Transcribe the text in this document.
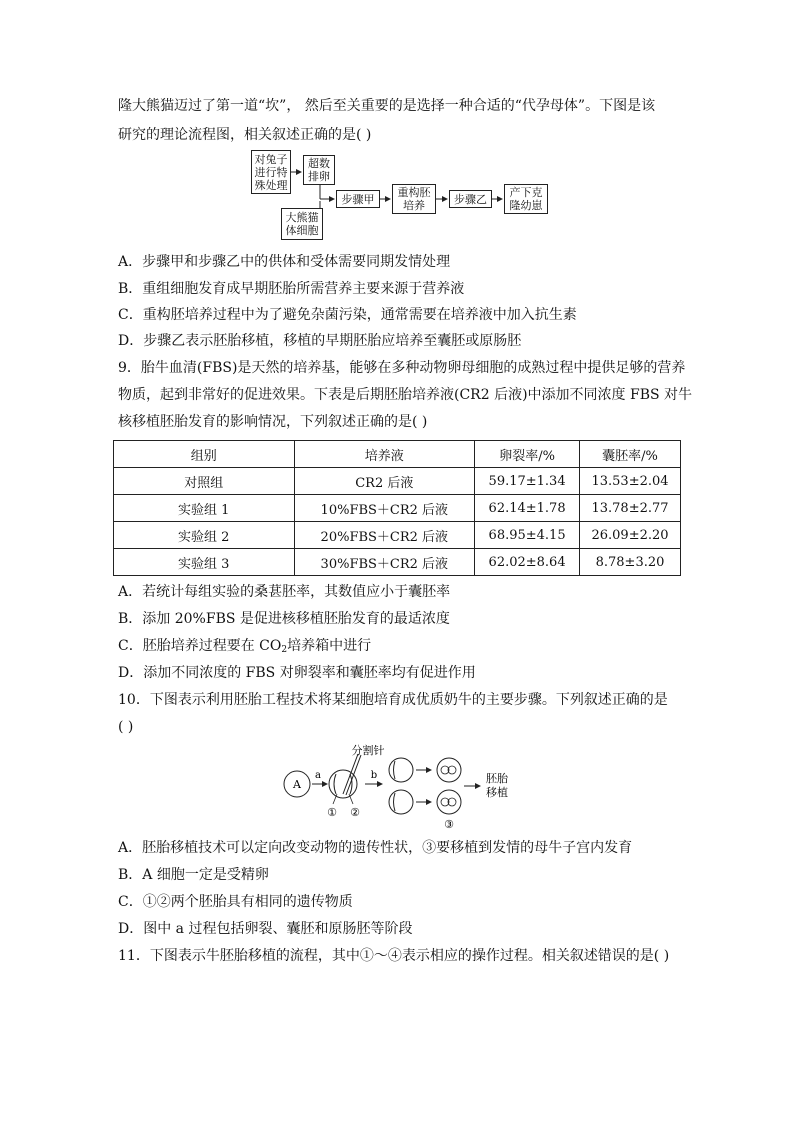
隆大熊猫迈过了第一道“坎”， 然后至关重要的是选择一种合适的“代孕母体”。下图是该
研究的理论流程图，相关叙述正确的是( )
对兔子
进行特
殊处理
超数
排卵
大熊猫
体细胞
步骤甲	重构胚
培养	步骤乙	产下克
隆幼崽
A．步骤甲和步骤乙中的供体和受体需要同期发情处理
B．重组细胞发育成早期胚胎所需营养主要来源于营养液
C．重构胚培养过程中为了避免杂菌污染，通常需要在培养液中加入抗生素
D．步骤乙表示胚胎移植，移植的早期胚胎应培养至囊胚或原肠胚
9．胎牛血清(FBS)是天然的培养基，能够在多种动物卵母细胞的成熟过程中提供足够的营养
物质，起到非常好的促进效果。下表是后期胚胎培养液(CR2 后液)中添加不同浓度 FBS 对牛
核移植胚胎发育的影响情况，下列叙述正确的是( )
组别	培养液	卵裂率/%	囊胚率/%
对照组	CR2 后液	59.17±1.34	13.53±2.04
实验组 1	10%FBS＋CR2 后液	62.14±1.78	13.78±2.77
实验组 2	20%FBS＋CR2 后液	68.95±4.15	26.09±2.20
实验组 3	30%FBS＋CR2 后液	62.02±8.64	8.78±3.20
A．若统计每组实验的桑葚胚率，其数值应小于囊胚率
B．添加 20%FBS 是促进核移植胚胎发育的最适浓度
C．胚胎培养过程要在 $CO_2$培养箱中进行
D．添加不同浓度的 FBS 对卵裂率和囊胚率均有促进作用
10．下图表示利用胚胎工程技术将某细胞培育成优质奶牛的主要步骤。下列叙述正确的是
( )
A
a
分割针
① ②
b
③
胚胎
移植
A．胚胎移植技术可以定向改变动物的遗传性状，③要移植到发情的母牛子宫内发育
B．A 细胞一定是受精卵
C．①②两个胚胎具有相同的遗传物质
D．图中 a 过程包括卵裂、囊胚和原肠胚等阶段
11．下图表示牛胚胎移植的流程，其中①～④表示相应的操作过程。相关叙述错误的是( )
